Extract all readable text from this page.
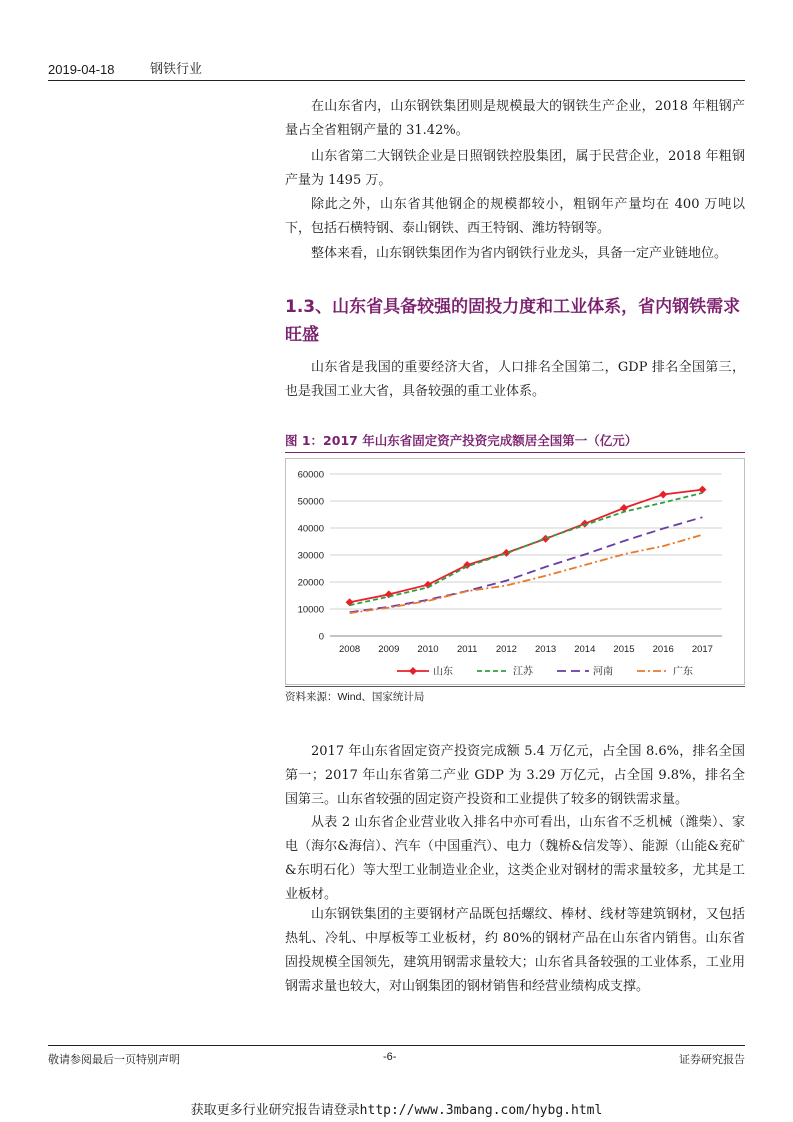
2019-04-18	钢铁行业

在山东省内，山东钢铁集团则是规模最大的钢铁生产企业，2018 年粗钢产量占全省粗钢产量的 31.42%。

山东省第二大钢铁企业是日照钢铁控股集团，属于民营企业，2018 年粗钢产量为 1495 万。

除此之外，山东省其他钢企的规模都较小，粗钢年产量均在 400 万吨以下，包括石横特钢、泰山钢铁、西王特钢、潍坊特钢等。

整体来看，山东钢铁集团作为省内钢铁行业龙头，具备一定产业链地位。

1.3、山东省具备较强的固投力度和工业体系，省内钢铁需求旺盛

山东省是我国的重要经济大省，人口排名全国第二，GDP 排名全国第三，也是我国工业大省，具备较强的重工业体系。

图 1：2017 年山东省固定资产投资完成额居全国第一（亿元）

0
10000
20000
30000
40000
50000
60000
2008 2009 2010 2011 2012 2013 2014 2015 2016 2017
山东	江苏	河南	广东

资料来源：Wind、国家统计局

2017 年山东省固定资产投资完成额 5.4 万亿元，占全国 8.6%，排名全国第一；2017 年山东省第二产业 GDP 为 3.29 万亿元，占全国 9.8%，排名全国第三。山东省较强的固定资产投资和工业提供了较多的钢铁需求量。

从表 2 山东省企业营业收入排名中亦可看出，山东省不乏机械（潍柴）、家电（海尔&海信）、汽车（中国重汽）、电力（魏桥&信发等）、能源（山能&兖矿&东明石化）等大型工业制造业企业，这类企业对钢材的需求量较多，尤其是工业板材。

山东钢铁集团的主要钢材产品既包括螺纹、棒材、线材等建筑钢材，又包括热轧、冷轧、中厚板等工业板材，约 80%的钢材产品在山东省内销售。山东省固投规模全国领先，建筑用钢需求量较大；山东省具备较强的工业体系，工业用钢需求量也较大，对山钢集团的钢材销售和经营业绩构成支撑。

敬请参阅最后一页特别声明	-6-	证券研究报告
获取更多行业研究报告请登录http://www.3mbang.com/hybg.html
